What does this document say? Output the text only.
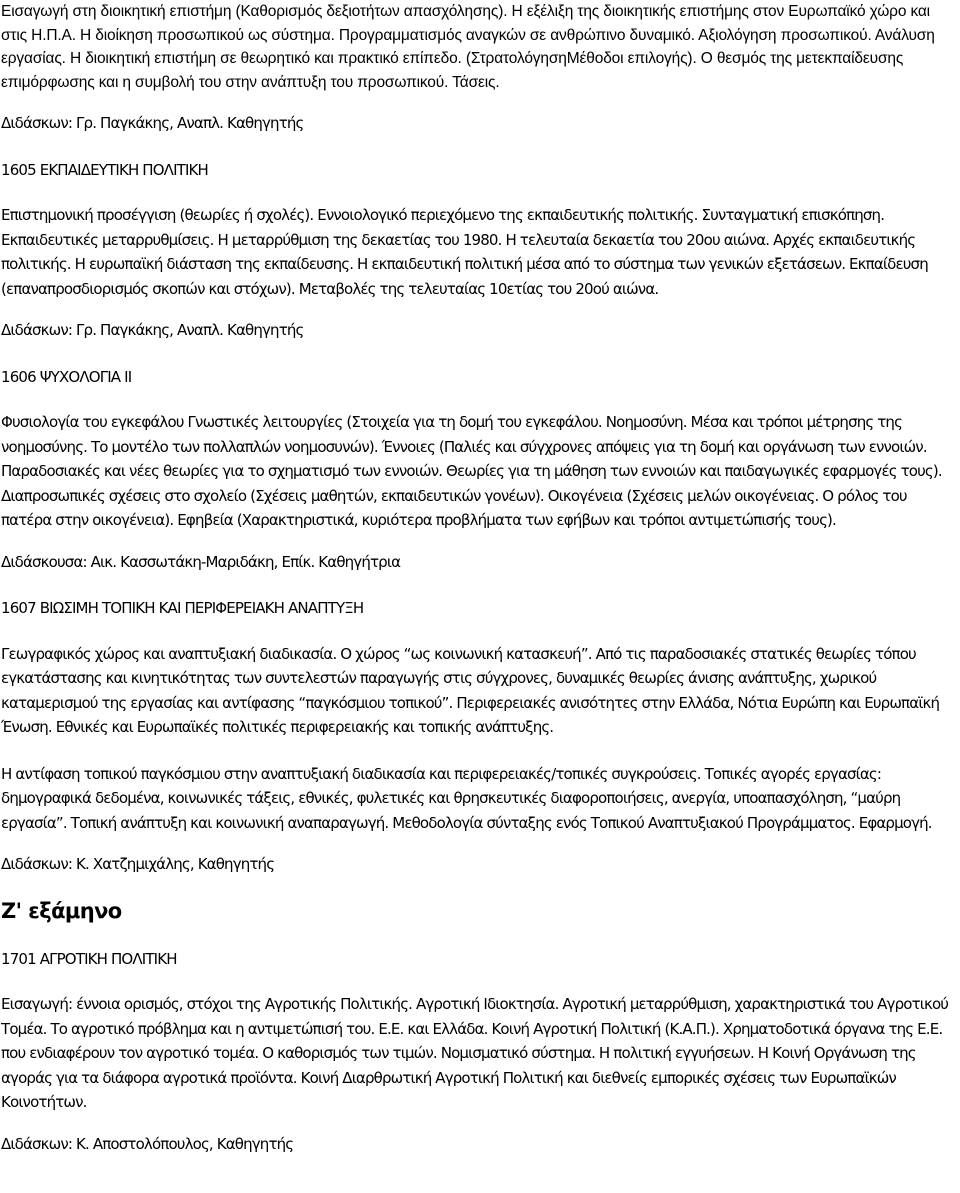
Εισαγωγή στη διοικητική επιστήμη (Καθορισμός δεξιοτήτων απασχόλησης). Η εξέλιξη της διοικητικής επιστήμης στον Ευρωπαϊκό χώρο και στις Η.Π.Α. Η διοίκηση προσωπικού ως σύστημα. Προγραμματισμός αναγκών σε ανθρώπινο δυναμικό. Αξιολόγηση προσωπικού. Ανάλυση εργασίας. Η διοικητική επιστήμη σε θεωρητικό και πρακτικό επίπεδο. (ΣτρατολόγησηΜέθοδοι επιλογής). Ο θεσμός της μετεκπαίδευσης επιμόρφωσης και η συμβολή του στην ανάπτυξη του προσωπικού. Τάσεις.

Διδάσκων: Γρ. Παγκάκης, Αναπλ. Καθηγητής

1605 ΕΚΠΑΙΔΕΥΤΙΚΗ ΠΟΛΙΤΙΚΗ

Επιστημονική προσέγγιση (θεωρίες ή σχολές). Εννοιολογικό περιεχόμενο της εκπαιδευτικής πολιτικής. Συνταγματική επισκόπηση. Εκπαιδευτικές μεταρρυθμίσεις. Η μεταρρύθμιση της δεκαετίας του 1980. Η τελευταία δεκαετία του 20ου αιώνα. Αρχές εκπαιδευτικής πολιτικής. Η ευρωπαϊκή διάσταση της εκπαίδευσης. Η εκπαιδευτική πολιτική μέσα από το σύστημα των γενικών εξετάσεων. Εκπαίδευση (επαναπροσδιορισμός σκοπών και στόχων). Μεταβολές της τελευταίας 10ετίας του 20ού αιώνα.

Διδάσκων: Γρ. Παγκάκης, Αναπλ. Καθηγητής

1606 ΨΥΧΟΛΟΓΙΑ ΙΙ

Φυσιολογία του εγκεφάλου Γνωστικές λειτουργίες (Στοιχεία για τη δομή του εγκεφάλου. Νοημοσύνη. Μέσα και τρόποι μέτρησης της νοημοσύνης. Το μοντέλο των πολλαπλών νοημοσυνών). Έννοιες (Παλιές και σύγχρονες απόψεις για τη δομή και οργάνωση των εννοιών. Παραδοσιακές και νέες θεωρίες για το σχηματισμό των εννοιών. Θεωρίες για τη μάθηση των εννοιών και παιδαγωγικές εφαρμογές τους). Διαπροσωπικές σχέσεις στο σχολείο (Σχέσεις μαθητών, εκπαιδευτικών γονέων). Οικογένεια (Σχέσεις μελών οικογένειας. Ο ρόλος του πατέρα στην οικογένεια). Εφηβεία (Χαρακτηριστικά, κυριότερα προβλήματα των εφήβων και τρόποι αντιμετώπισής τους).

Διδάσκουσα: Αικ. Κασσωτάκη-Μαριδάκη, Επίκ. Καθηγήτρια

1607 ΒΙΩΣΙΜΗ ΤΟΠΙΚΗ ΚΑΙ ΠΕΡΙΦΕΡΕΙΑΚΗ ΑΝΑΠΤΥΞΗ

Γεωγραφικός χώρος και αναπτυξιακή διαδικασία. Ο χώρος “ως κοινωνική κατασκευή”. Από τις παραδοσιακές στατικές θεωρίες τόπου εγκατάστασης και κινητικότητας των συντελεστών παραγωγής στις σύγχρονες, δυναμικές θεωρίες άνισης ανάπτυξης, χωρικού καταμερισμού της εργασίας και αντίφασης “παγκόσμιου τοπικού”. Περιφερειακές ανισότητες στην Ελλάδα, Νότια Ευρώπη και Ευρωπαϊκή Ένωση. Εθνικές και Ευρωπαϊκές πολιτικές περιφερειακής και τοπικής ανάπτυξης.

Η αντίφαση τοπικού παγκόσμιου στην αναπτυξιακή διαδικασία και περιφερειακές/τοπικές συγκρούσεις. Τοπικές αγορές εργασίας: δημογραφικά δεδομένα, κοινωνικές τάξεις, εθνικές, φυλετικές και θρησκευτικές διαφοροποιήσεις, ανεργία, υποαπασχόληση, “μαύρη εργασία”. Τοπική ανάπτυξη και κοινωνική αναπαραγωγή. Μεθοδολογία σύνταξης ενός Τοπικού Αναπτυξιακού Προγράμματος. Εφαρμογή.

Διδάσκων: Κ. Χατζημιχάλης, Καθηγητής

Ζ' εξάμηνο

1701 ΑΓΡΟΤΙΚΗ ΠΟΛΙΤΙΚΗ

Εισαγωγή: έννοια ορισμός, στόχοι της Αγροτικής Πολιτικής. Αγροτική Ιδιοκτησία. Αγροτική μεταρρύθμιση, χαρακτηριστικά του Αγροτικού Τομέα. Το αγροτικό πρόβλημα και η αντιμετώπισή του. Ε.Ε. και Ελλάδα. Κοινή Αγροτική Πολιτική (Κ.Α.Π.). Χρηματοδοτικά όργανα της Ε.Ε. που ενδιαφέρουν τον αγροτικό τομέα. Ο καθορισμός των τιμών. Νομισματικό σύστημα. Η πολιτική εγγυήσεων. Η Κοινή Οργάνωση της αγοράς για τα διάφορα αγροτικά προϊόντα. Κοινή Διαρθρωτική Αγροτική Πολιτική και διεθνείς εμπορικές σχέσεις των Ευρωπαϊκών Κοινοτήτων.

Διδάσκων: Κ. Αποστολόπουλος, Καθηγητής
